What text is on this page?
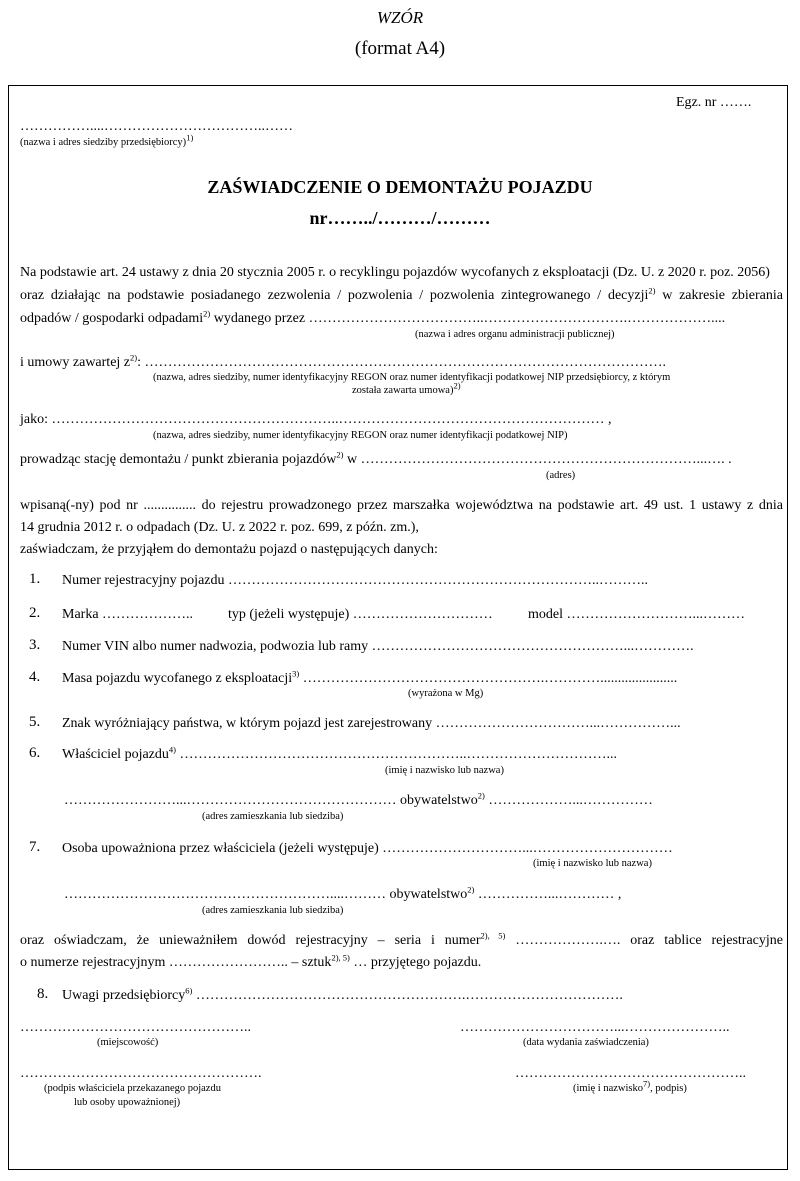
WZÓR
(format A4)
Egz. nr …….
……………....……………………………..……
(nazwa i adres siedziby przedsiębiorcy)$^{1)}$
ZAŚWIADCZENIE O DEMONTAŻU POJAZDU
nr……../………/………
Na podstawie art. 24 ustawy z dnia 20 stycznia 2005 r. o recyklingu pojazdów wycofanych z eksploatacji (Dz. U. z 2020 r. poz. 2056)
oraz działając na podstawie posiadanego zezwolenia / pozwolenia / pozwolenia zintegrowanego / decyzji$^{2)}$ w zakresie zbierania
odpadów / gospodarki odpadami$^{2)}$ wydanego przez ………………………………..………………………….………………....
(nazwa i adres organu administracji publicznej)
i umowy zawartej $z^{2)}$: ………………………………………………………………………………………………….
(nazwa, adres siedziby, numer identyfikacyjny REGON oraz numer identyfikacji podatkowej NIP przedsiębiorcy, z którym
została zawarta umowa)$^{2)}$
jako: ……………………………………………………..………………………………………………… ,
(nazwa, adres siedziby, numer identyfikacyjny REGON oraz numer identyfikacji podatkowej NIP)
prowadząc stację demontażu / punkt zbierania pojazdów$^{2)}$ w ………………………………………………………………...…. .
(adres)
wpisaną(-ny) pod nr ............... do rejestru prowadzonego przez marszałka województwa na podstawie art. 49 ust. 1 ustawy z dnia
14 grudnia 2012 r. o odpadach (Dz. U. z 2022 r. poz. 699, z późn. zm.),
zaświadczam, że przyjąłem do demontażu pojazd o następujących danych:
1. Numer rejestracyjny pojazdu ……………………………………………………………………..………..
2. Marka ……………….. typ (jeżeli występuje) …………………………	model ………………………...………
3. Numer VIN albo numer nadwozia, podwozia lub ramy ………………………………………………...………….
4. Masa pojazdu wycofanego z eksploatacji$^{3)}$ …………………………………………….…………......................
(wyrażona w Mg)
5. Znak wyróżniający państwa, w którym pojazd jest zarejestrowany ……………………………...……………...
6. Właściciel pojazdu$^{4)}$ ……………………………………………………..…………………………...
(imię i nazwisko lub nazwa)
……………………...……………………………………… obywatelstwo$^{2)}$ ………………...……………
(adres zamieszkania lub siedziba)
7. Osoba upoważniona przez właściciela (jeżeli występuje) …………………………...…………………………
(imię i nazwisko lub nazwa)
…………………………………………………....……… obywatelstwo$^{2)}$ ……………...………… ,
(adres zamieszkania lub siedziba)
oraz oświadczam, że unieważniłem dowód rejestracyjny – seria i numer$^{2), 5)}$ ……………….…. oraz tablice rejestracyjne
o numerze rejestracyjnym …………………….. – sztuk$^{2), 5)}$ … przyjętego pojazdu.
8. Uwagi przedsiębiorcy$^{6)}$ ………………………………………………….…………………………….
…………………………………………..
(miejscowość)
……………………………...…………………..
(data wydania zaświadczenia)
…………………………………………….
(podpis właściciela przekazanego pojazdu
lub osoby upoważnionej)
…………………………………………..
(imię i nazwisko$^{7)}$, podpis)
